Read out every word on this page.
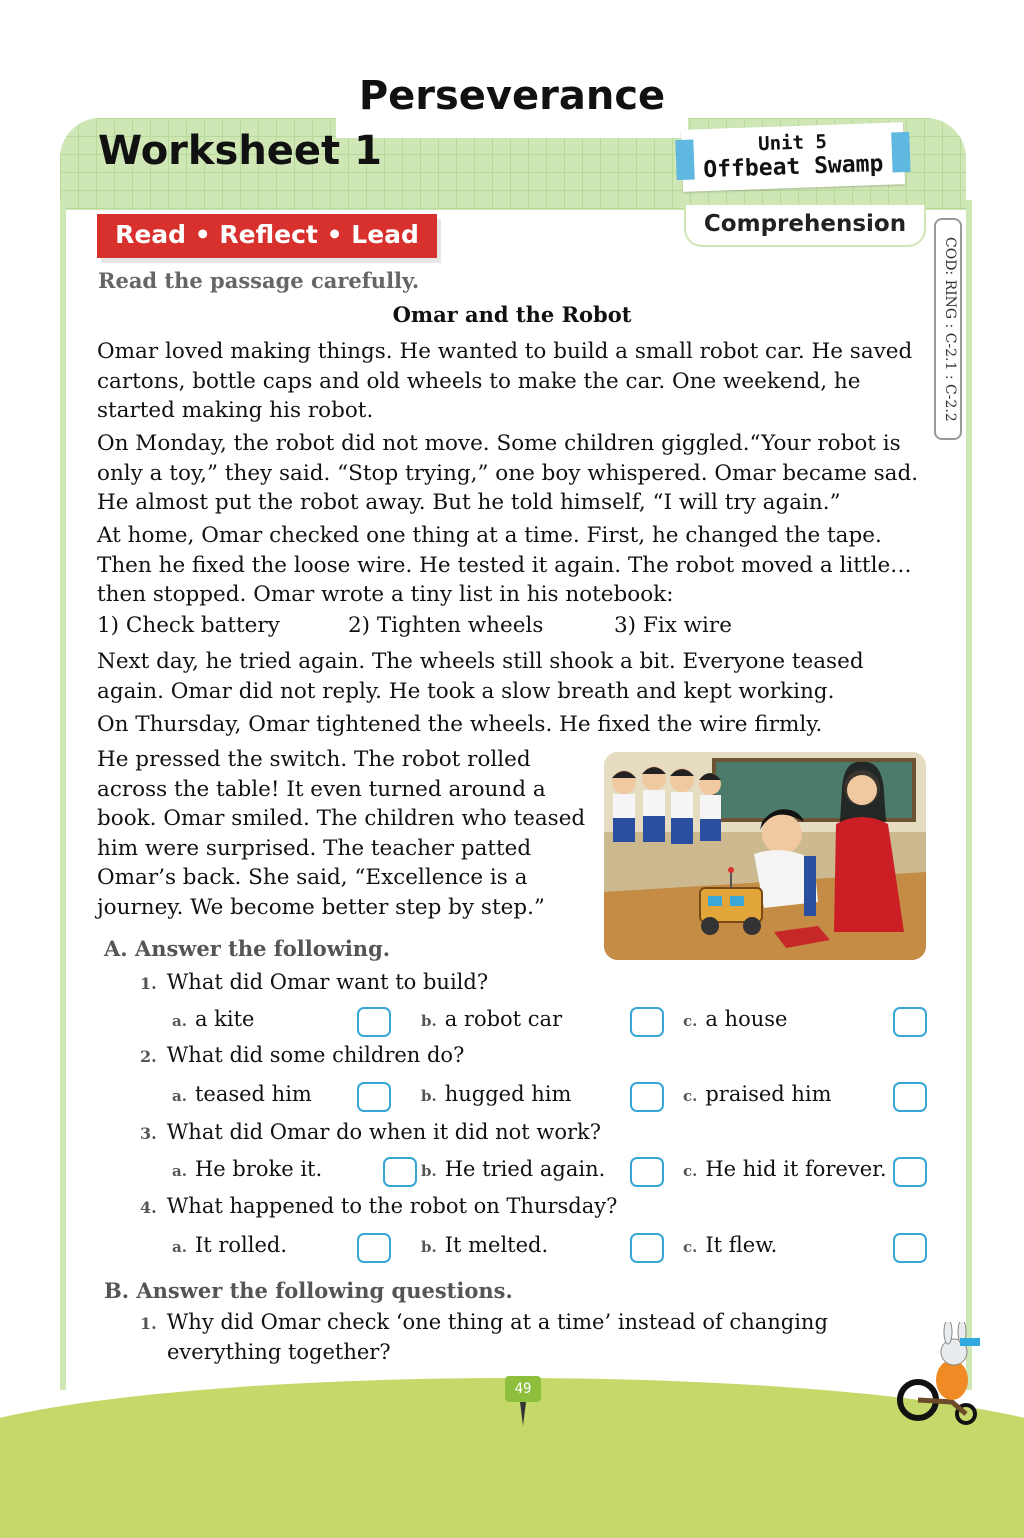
Perseverance
Worksheet 1	Unit 5
Offbeat Swamp
Read • Reflect • Lead	Comprehension
COD: RING : C-2.1 : C-2.2
Read the passage carefully.
Omar and the Robot

Omar loved making things. He wanted to build a small robot car. He saved cartons, bottle caps and old wheels to make the car. One weekend, he started making his robot.

On Monday, the robot did not move. Some children giggled.“Your robot is only a toy,” they said. “Stop trying,” one boy whispered. Omar became sad. He almost put the robot away. But he told himself, “I will try again.”

At home, Omar checked one thing at a time. First, he changed the tape. Then he fixed the loose wire. He tested it again. The robot moved a little… then stopped. Omar wrote a tiny list in his notebook:

1) Check battery	2) Tighten wheels	3) Fix wire

Next day, he tried again. The wheels still shook a bit. Everyone teased again. Omar did not reply. He took a slow breath and kept working.

On Thursday, Omar tightened the wheels. He fixed the wire firmly.

He pressed the switch. The robot rolled across the table! It even turned around a book. Omar smiled. The children who teased him were surprised. The teacher patted Omar’s back. She said, “Excellence is a journey. We become better step by step.”

A. Answer the following.
1. What did Omar want to build?
a. a kite	b. a robot car	c. a house
2. What did some children do?
a. teased him	b. hugged him	c. praised him
3. What did Omar do when it did not work?
a. He broke it.	b. He tried again.	c. He hid it forever.
4. What happened to the robot on Thursday?
a. It rolled.	b. It melted.	c. It flew.
B. Answer the following questions.
1. Why did Omar check ‘one thing at a time’ instead of changing
everything together?
49
